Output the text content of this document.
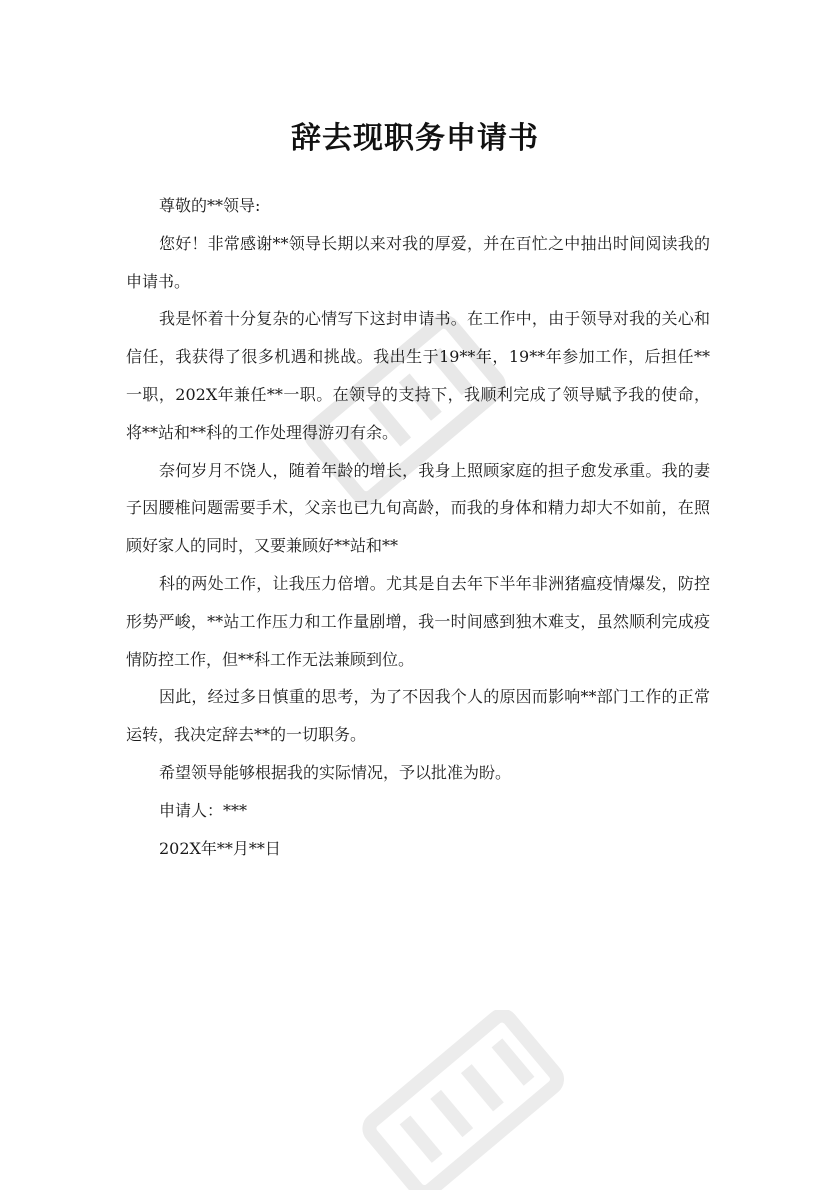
辞去现职务申请书

尊敬的**领导:

您好！非常感谢**领导长期以来对我的厚爱，并在百忙之中抽出时间阅读我的申请书。

我是怀着十分复杂的心情写下这封申请书。在工作中，由于领导对我的关心和信任，我获得了很多机遇和挑战。我出生于19**年，19**年参加工作，后担任**一职，202X年兼任**一职。在领导的支持下，我顺利完成了领导赋予我的使命，将**站和**科的工作处理得游刃有余。

奈何岁月不饶人，随着年龄的增长，我身上照顾家庭的担子愈发承重。我的妻子因腰椎问题需要手术，父亲也已九旬高龄，而我的身体和精力却大不如前，在照顾好家人的同时，又要兼顾好**站和**

科的两处工作，让我压力倍增。尤其是自去年下半年非洲猪瘟疫情爆发，防控形势严峻，**站工作压力和工作量剧增，我一时间感到独木难支，虽然顺利完成疫情防控工作，但**科工作无法兼顾到位。

因此，经过多日慎重的思考，为了不因我个人的原因而影响**部门工作的正常运转，我决定辞去**的一切职务。

希望领导能够根据我的实际情况，予以批准为盼。

申请人：***

202X年**月**日
